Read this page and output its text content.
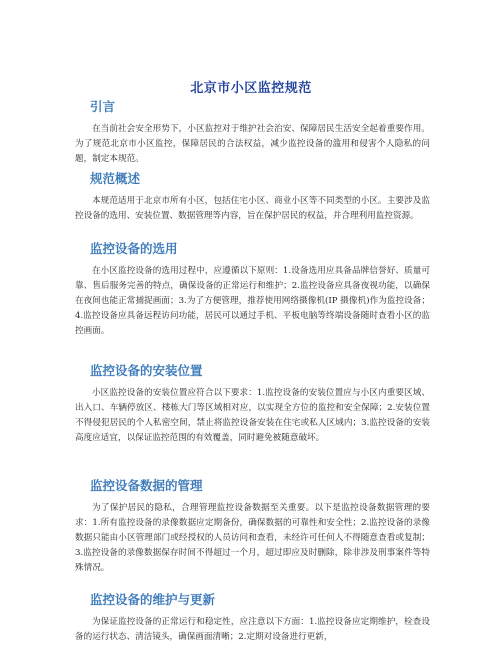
北京市小区监控规范
引言

在当前社会安全形势下，小区监控对于维护社会治安、保障居民生活安全起着重要作用。为了规范北京市小区监控，保障居民的合法权益，减少监控设备的滥用和侵害个人隐私的问题，制定本规范。

规范概述

本规范适用于北京市所有小区，包括住宅小区、商业小区等不同类型的小区。主要涉及监控设备的选用、安装位置、数据管理等内容，旨在保护居民的权益，并合理利用监控资源。

监控设备的选用

在小区监控设备的选用过程中，应遵循以下原则：1.设备选用应具备品牌信誉好、质量可靠、售后服务完善的特点，确保设备的正常运行和维护；2.监控设备应具备夜视功能，以确保在夜间也能正常捕捉画面；3.为了方便管理，推荐使用网络摄像机(IP 摄像机)作为监控设备；4.监控设备应具备远程访问功能，居民可以通过手机、平板电脑等终端设备随时查看小区的监控画面。

监控设备的安装位置

小区监控设备的安装位置应符合以下要求：1.监控设备的安装位置应与小区内重要区域、出入口、车辆停放区、楼栋大门等区域相对应，以实现全方位的监控和安全保障；2.安装位置不得侵犯居民的个人私密空间，禁止将监控设备安装在住宅或私人区域内；3.监控设备的安装高度应适宜，以保证监控范围的有效覆盖，同时避免被随意破坏。

监控设备数据的管理

为了保护居民的隐私，合理管理监控设备数据至关重要。以下是监控设备数据管理的要求：1.所有监控设备的录像数据应定期备份，确保数据的可靠性和安全性；2.监控设备的录像数据只能由小区管理部门或经授权的人员访问和查看，未经许可任何人不得随意查看或复制；3.监控设备的录像数据保存时间不得超过一个月，超过即应及时删除，除非涉及刑事案件等特殊情况。

监控设备的维护与更新

为保证监控设备的正常运行和稳定性，应注意以下方面：1.监控设备应定期维护，检查设备的运行状态、清洁镜头，确保画面清晰；2.定期对设备进行更新，
